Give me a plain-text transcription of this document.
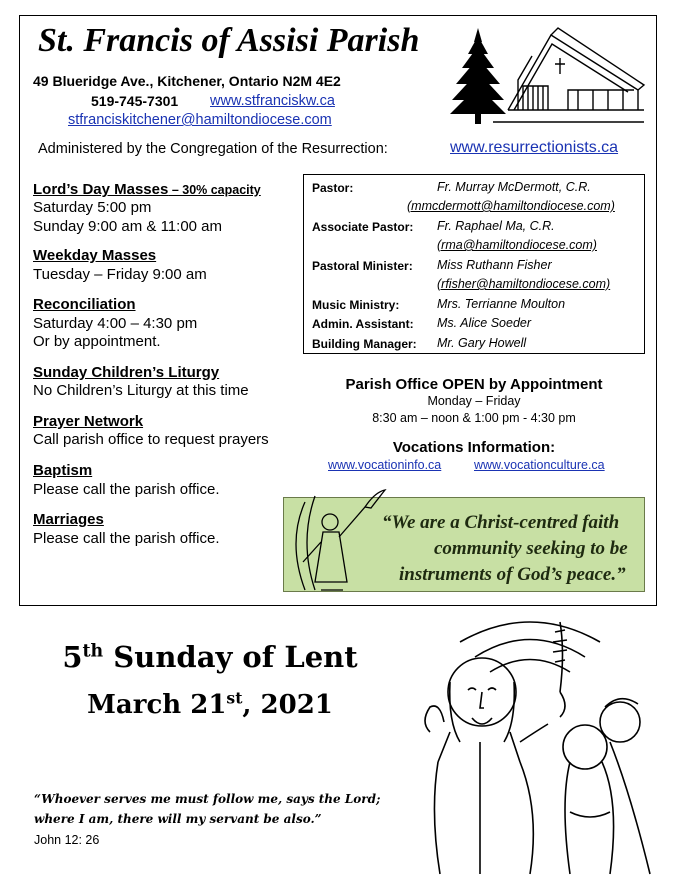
St. Francis of Assisi Parish
49 Blueridge Ave., Kitchener, Ontario N2M 4E2
519-745-7301 www.stfranciskw.ca
stfranciskitchener@hamiltondiocese.com
Administered by the Congregation of the Resurrection:	www.resurrectionists.ca
Lord’s Day Masses – 30% capacity
Saturday 5:00 pm
Sunday 9:00 am & 11:00 am
Weekday Masses
Tuesday – Friday 9:00 am
Reconciliation
Saturday 4:00 – 4:30 pm
Or by appointment.
Sunday Children’s Liturgy
No Children’s Liturgy at this time
Prayer Network
Call parish office to request prayers
Baptism
Please call the parish office.
Marriages
Please call the parish office.
Pastor:	Fr. Murray McDermott, C.R.
(mmcdermott@hamiltondiocese.com)
Associate Pastor: Fr. Raphael Ma, C.R.
(rma@hamiltondiocese.com)
Pastoral Minister: Miss Ruthann Fisher
(rfisher@hamiltondiocese.com)
Music Ministry:	Mrs. Terrianne Moulton
Admin. Assistant: Ms. Alice Soeder
Building Manager: Mr. Gary Howell
Parish Office OPEN by Appointment
Monday – Friday
8:30 am – noon & 1:00 pm - 4:30 pm
Vocations Information:
www.vocationinfo.ca	www.vocationculture.ca
“We are a Christ-centred faith
community seeking to be
instruments of God’s peace.”
5th Sunday of Lent
March 21st, 2021
“Whoever serves me must follow me, says the Lord;
where I am, there will my servant be also.”
John 12: 26
